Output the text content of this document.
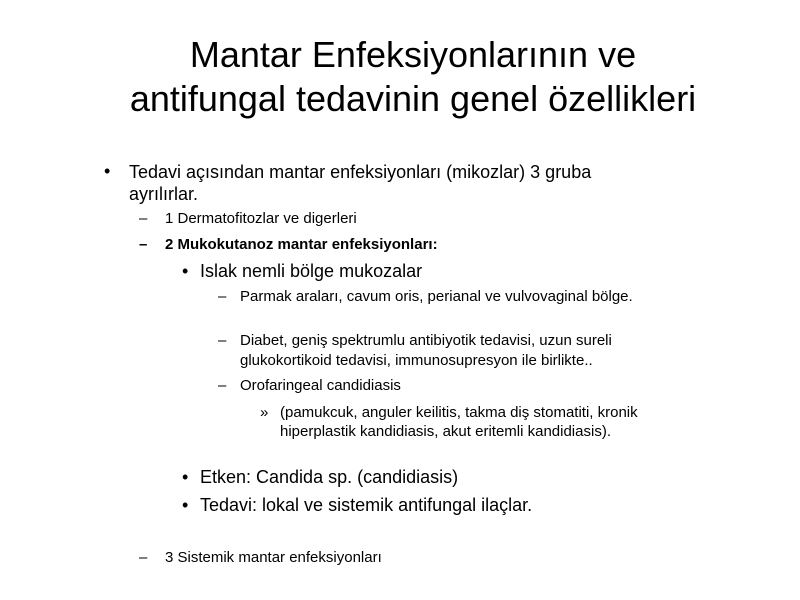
Mantar Enfeksiyonlarının ve
antifungal tedavinin genel özellikleri
• Tedavi açısından mantar enfeksiyonları (mikozlar) 3 gruba ayrılırlar.
– 1 Dermatofitozlar ve digerleri
– 2 Mukokutanoz mantar enfeksiyonları:
• Islak nemli bölge mukozalar
– Parmak araları, cavum oris, perianal ve vulvovaginal bölge.
– Diabet, geniş spektrumlu antibiyotik tedavisi, uzun sureli glukokortikoid tedavisi, immunosupresyon ile birlikte..
– Orofaringeal candidiasis
» (pamukcuk, anguler keilitis, takma diş stomatiti, kronik hiperplastik kandidiasis, akut eritemli kandidiasis).
• Etken: Candida sp. (candidiasis)
• Tedavi: lokal ve sistemik antifungal ilaçlar.
– 3 Sistemik mantar enfeksiyonları
